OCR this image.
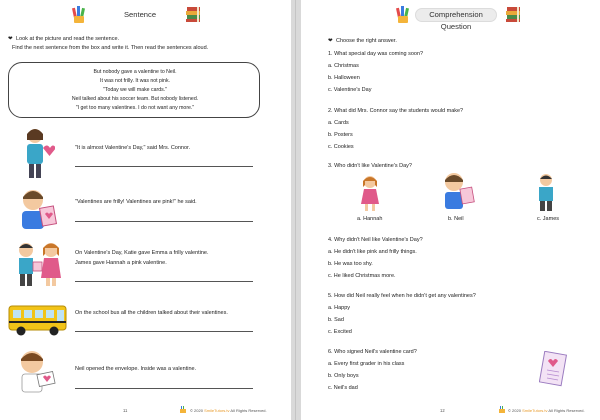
Sentence
❤ Look at the picture and read the sentence.
Find the next sentence from the box and write it. Then read the sentences aloud.
But nobody gave a valentine to Neil.
It was not frilly. It was not pink.
"Today we will make cards."
Neil talked about his soccer team. But nobody listened.
"I get too many valentines. I do not want any more."
"It is almost Valentine's Day," said Mrs. Connor.
"Valentines are frilly! Valentines are pink!" he said.
On Valentine's Day, Katie gave Emma a frilly valentine.
James gave Hannah a pink valentine.
On the school bus all the children talked about their valentines.
Neil opened the envelope. Inside was a valentine.
11	© 2020 SmileTutors.tv All Rights Reserved.
Comprehension Question
❤ Choose the right answer.
1. What special day was coming soon?
a. Christmas
b. Halloween
c. Valentine's Day
2. What did Mrs. Connor say the students would make?
a. Cards
b. Posters
c. Cookies
3. Who didn't like Valentine's Day?
a. Hannah	b. Neil	c. James
4. Why didn't Neil like Valentine's Day?
a. He didn't like pink and frilly things.
b. He was too shy.
c. He liked Christmas more.
5. How did Neil really feel when he didn't get any valentines?
a. Happy
b. Sad
c. Excited
6. Who signed Neil's valentine card?
a. Every first grader in his class
b. Only boys
c. Neil's dad
12	© 2020 SmileTutors.tv All Rights Reserved.
